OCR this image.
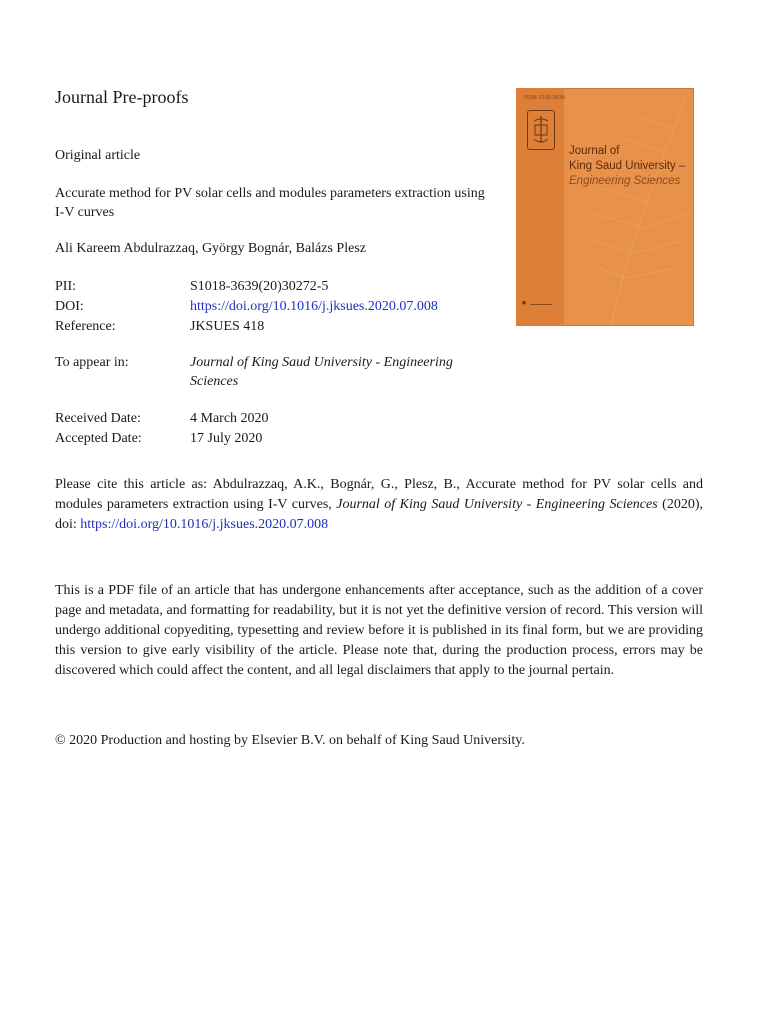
Journal Pre-proofs
Original article
Accurate method for PV solar cells and modules parameters extraction using
I-V curves
Ali Kareem Abdulrazzaq, György Bognár, Balázs Plesz
PII:	S1018-3639(20)30272-5
DOI:	https://doi.org/10.1016/j.jksues.2020.07.008
Reference:	JKSUES 418
To appear in:	Journal of King Saud University - Engineering Sciences
Received Date:	4 March 2020
Accepted Date:	17 July 2020
Please cite this article as: Abdulrazzaq, A.K., Bognár, G., Plesz, B., Accurate method for PV solar cells and modules parameters extraction using I-V curves, Journal of King Saud University - Engineering Sciences (2020), doi: https://doi.org/10.1016/j.jksues.2020.07.008
This is a PDF file of an article that has undergone enhancements after acceptance, such as the addition of a cover page and metadata, and formatting for readability, but it is not yet the definitive version of record. This version will undergo additional copyediting, typesetting and review before it is published in its final form, but we are providing this version to give early visibility of the article. Please note that, during the production process, errors may be discovered which could affect the content, and all legal disclaimers that apply to the journal pertain.
© 2020 Production and hosting by Elsevier B.V. on behalf of King Saud University.
ISSN 1018-3639
Journal of
King Saud University –
Engineering Sciences
◼
